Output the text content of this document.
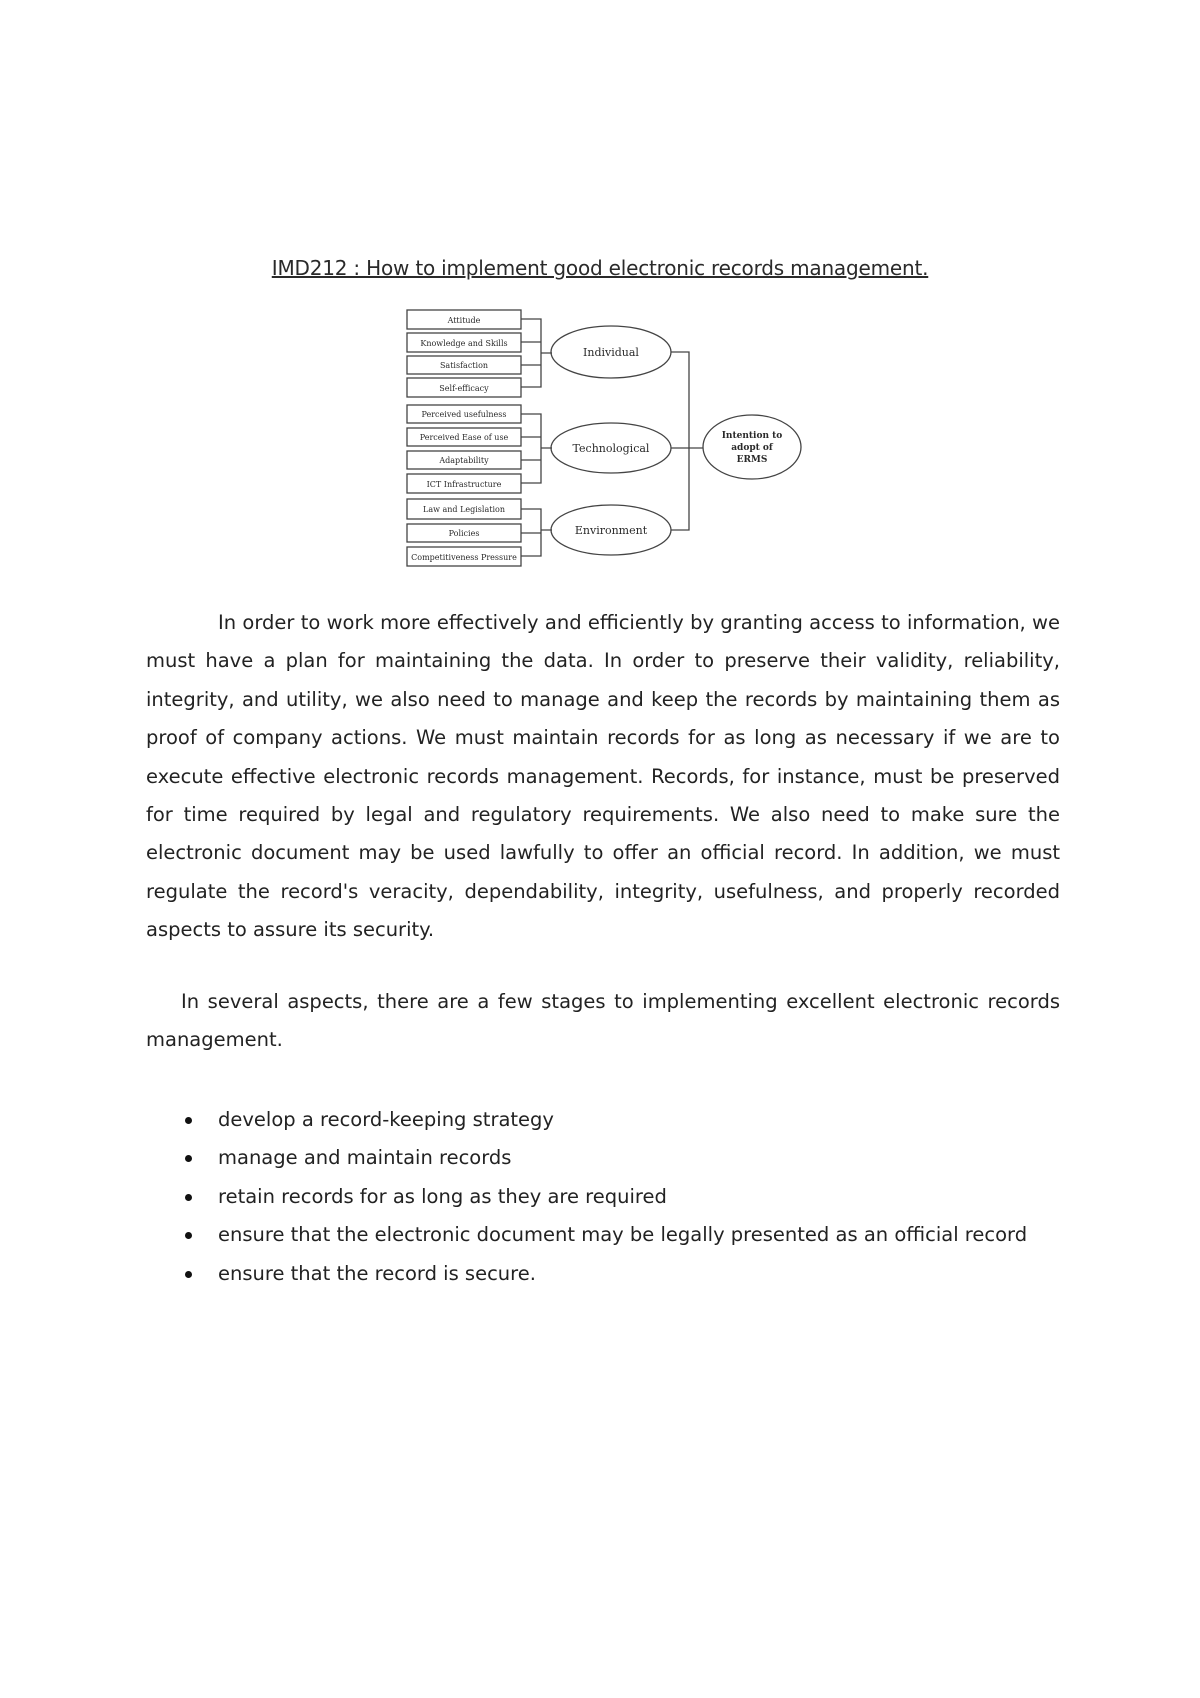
IMD212 : How to implement good electronic records management.
Attitude
Knowledge and Skills
Satisfaction
Self-efficacy
Perceived usefulness
Perceived Ease of use
Adaptability
ICT Infrastructure
Law and Legislation
Policies
Competitiveness Pressure
Individual
Technological
Environment
Intention to
adopt of
ERMS

In order to work more effectively and efficiently by granting access to information, we must have a plan for maintaining the data. In order to preserve their validity, reliability, integrity, and utility, we also need to manage and keep the records by maintaining them as proof of company actions. We must maintain records for as long as necessary if we are to execute effective electronic records management. Records, for instance, must be preserved for time required by legal and regulatory requirements. We also need to make sure the electronic document may be used lawfully to offer an official record. In addition, we must regulate the record's veracity, dependability, integrity, usefulness, and properly recorded aspects to assure its security.

In several aspects, there are a few stages to implementing excellent electronic records management.

develop a record-keeping strategy
manage and maintain records
retain records for as long as they are required
ensure that the electronic document may be legally presented as an official record
ensure that the record is secure.
